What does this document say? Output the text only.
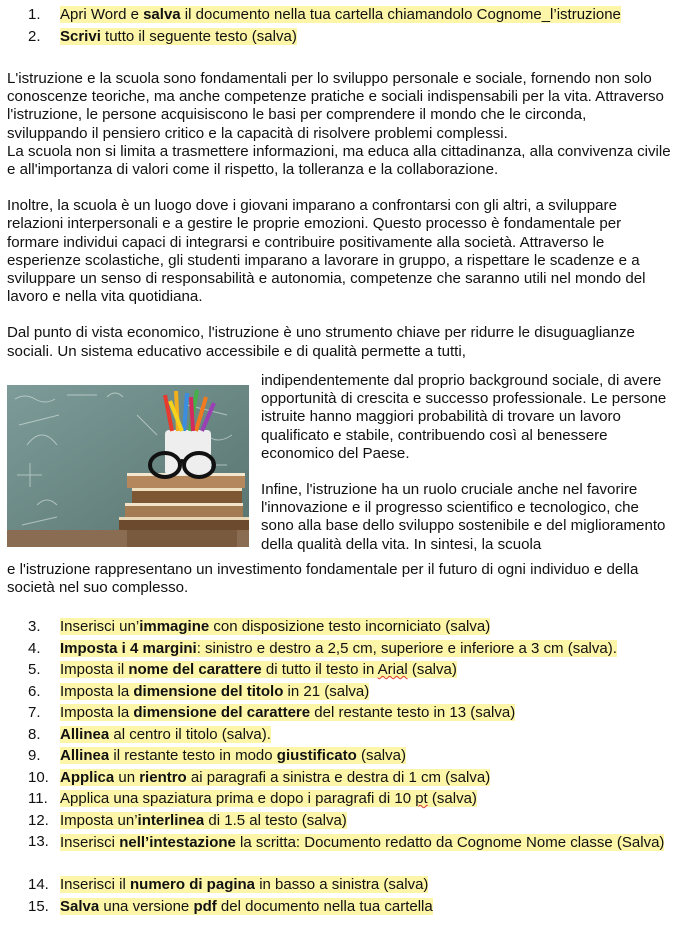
1.	Apri Word e salva il documento nella tua cartella chiamandolo Cognome_l’istruzione
2.	Scrivi tutto il seguente testo (salva)

L'istruzione e la scuola sono fondamentali per lo sviluppo personale e sociale, fornendo non solo conoscenze teoriche, ma anche competenze pratiche e sociali indispensabili per la vita. Attraverso l'istruzione, le persone acquisiscono le basi per comprendere il mondo che le circonda, sviluppando il pensiero critico e la capacità di risolvere problemi complessi.

La scuola non si limita a trasmettere informazioni, ma educa alla cittadinanza, alla convivenza civile e all'importanza di valori come il rispetto, la tolleranza e la collaborazione.

Inoltre, la scuola è un luogo dove i giovani imparano a confrontarsi con gli altri, a sviluppare relazioni interpersonali e a gestire le proprie emozioni. Questo processo è fondamentale per formare individui capaci di integrarsi e contribuire positivamente alla società. Attraverso le esperienze scolastiche, gli studenti imparano a lavorare in gruppo, a rispettare le scadenze e a sviluppare un senso di responsabilità e autonomia, competenze che saranno utili nel mondo del lavoro e nella vita quotidiana.

Dal punto di vista economico, l'istruzione è uno strumento chiave per ridurre le disuguaglianze sociali. Un sistema educativo accessibile e di qualità permette a tutti,

indipendentemente dal proprio background sociale, di avere opportunità di crescita e successo professionale. Le persone istruite hanno maggiori probabilità di trovare un lavoro qualificato e stabile, contribuendo così al benessere economico del Paese.

Infine, l'istruzione ha un ruolo cruciale anche nel favorire l'innovazione e il progresso scientifico e tecnologico, che sono alla base dello sviluppo sostenibile e del miglioramento della qualità della vita. In sintesi, la scuola

e l'istruzione rappresentano un investimento fondamentale per il futuro di ogni individuo e della società nel suo complesso.

3.	Inserisci un’immagine con disposizione testo incorniciato (salva)
4.	Imposta i 4 margini: sinistro e destro a 2,5 cm, superiore e inferiore a 3 cm (salva).
5.	Imposta il nome del carattere di tutto il testo in Arial (salva)
6.	Imposta la dimensione del titolo in 21 (salva)
7.	Imposta la dimensione del carattere del restante testo in 13 (salva)
8.	Allinea al centro il titolo (salva).
9.	Allinea il restante testo in modo giustificato (salva)
10. Applica un rientro ai paragrafi a sinistra e destra di 1 cm (salva)
11. Applica una spaziatura prima e dopo i paragrafi di 10 pt (salva)
12. Imposta un’interlinea di 1.5 al testo (salva)
13. Inserisci nell’intestazione la scritta: Documento redatto da Cognome Nome classe (Salva)
14. Inserisci il numero di pagina in basso a sinistra (salva)
15. Salva una versione pdf del documento nella tua cartella
